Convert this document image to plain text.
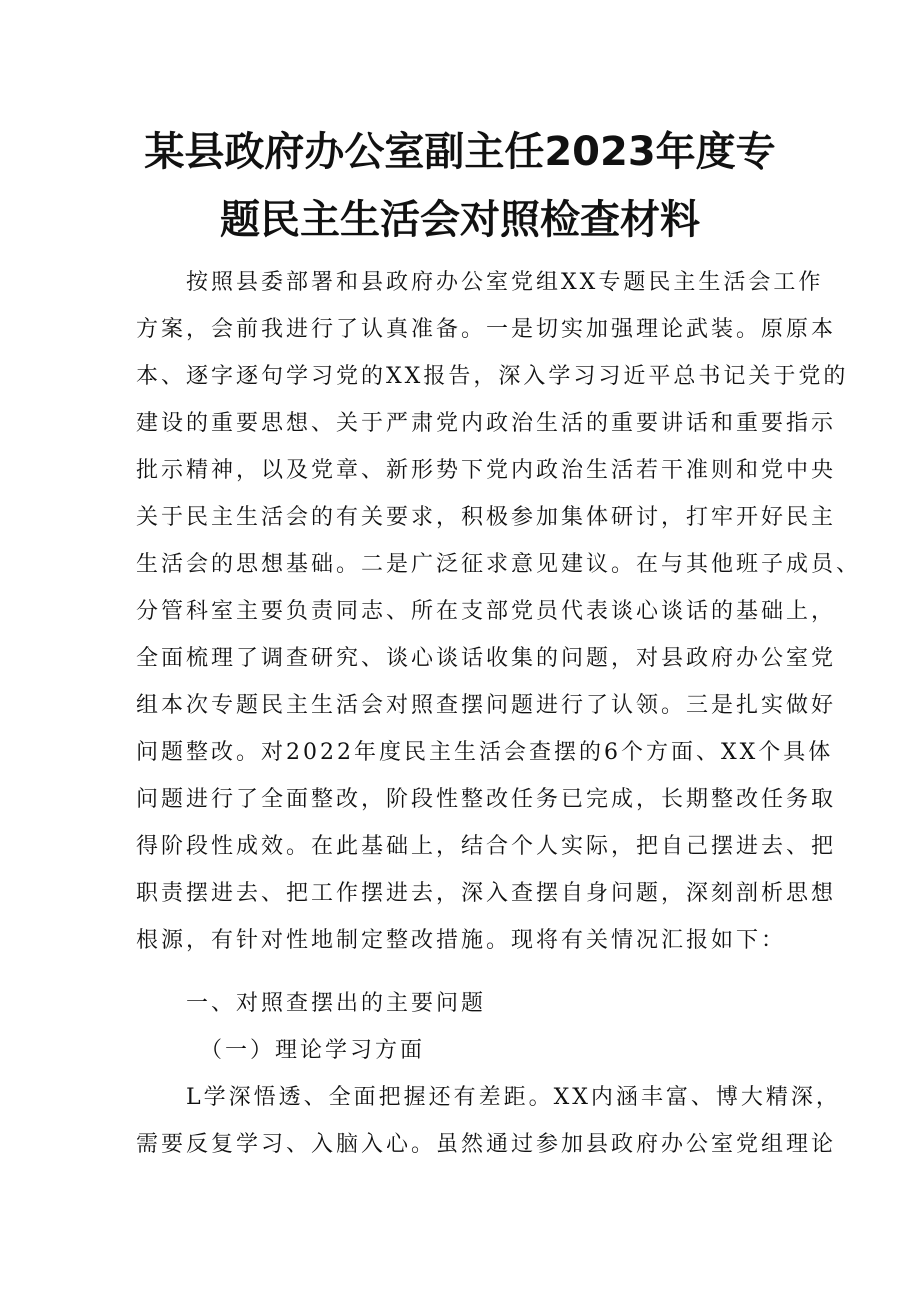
某县政府办公室副主任2023年度专
题民主生活会对照检查材料
　　按照县委部署和县政府办公室党组XX专题民主生活会工作
方案，会前我进行了认真准备。一是切实加强理论武装。原原本
本、逐字逐句学习党的XX报告，深入学习习近平总书记关于党的
建设的重要思想、关于严肃党内政治生活的重要讲话和重要指示
批示精神，以及党章、新形势下党内政治生活若干准则和党中央
关于民主生活会的有关要求，积极参加集体研讨，打牢开好民主
生活会的思想基础。二是广泛征求意见建议。在与其他班子成员、
分管科室主要负责同志、所在支部党员代表谈心谈话的基础上，
全面梳理了调查研究、谈心谈话收集的问题，对县政府办公室党
组本次专题民主生活会对照查摆问题进行了认领。三是扎实做好
问题整改。对2022年度民主生活会查摆的6个方面、XX个具体
问题进行了全面整改，阶段性整改任务已完成，长期整改任务取
得阶段性成效。在此基础上，结合个人实际，把自己摆进去、把
职责摆进去、把工作摆进去，深入查摆自身问题，深刻剖析思想
根源，有针对性地制定整改措施。现将有关情况汇报如下：
　　一、对照查摆出的主要问题
　　　（一）理论学习方面
　　L学深悟透、全面把握还有差距。XX内涵丰富、博大精深，
需要反复学习、入脑入心。虽然通过参加县政府办公室党组理论
